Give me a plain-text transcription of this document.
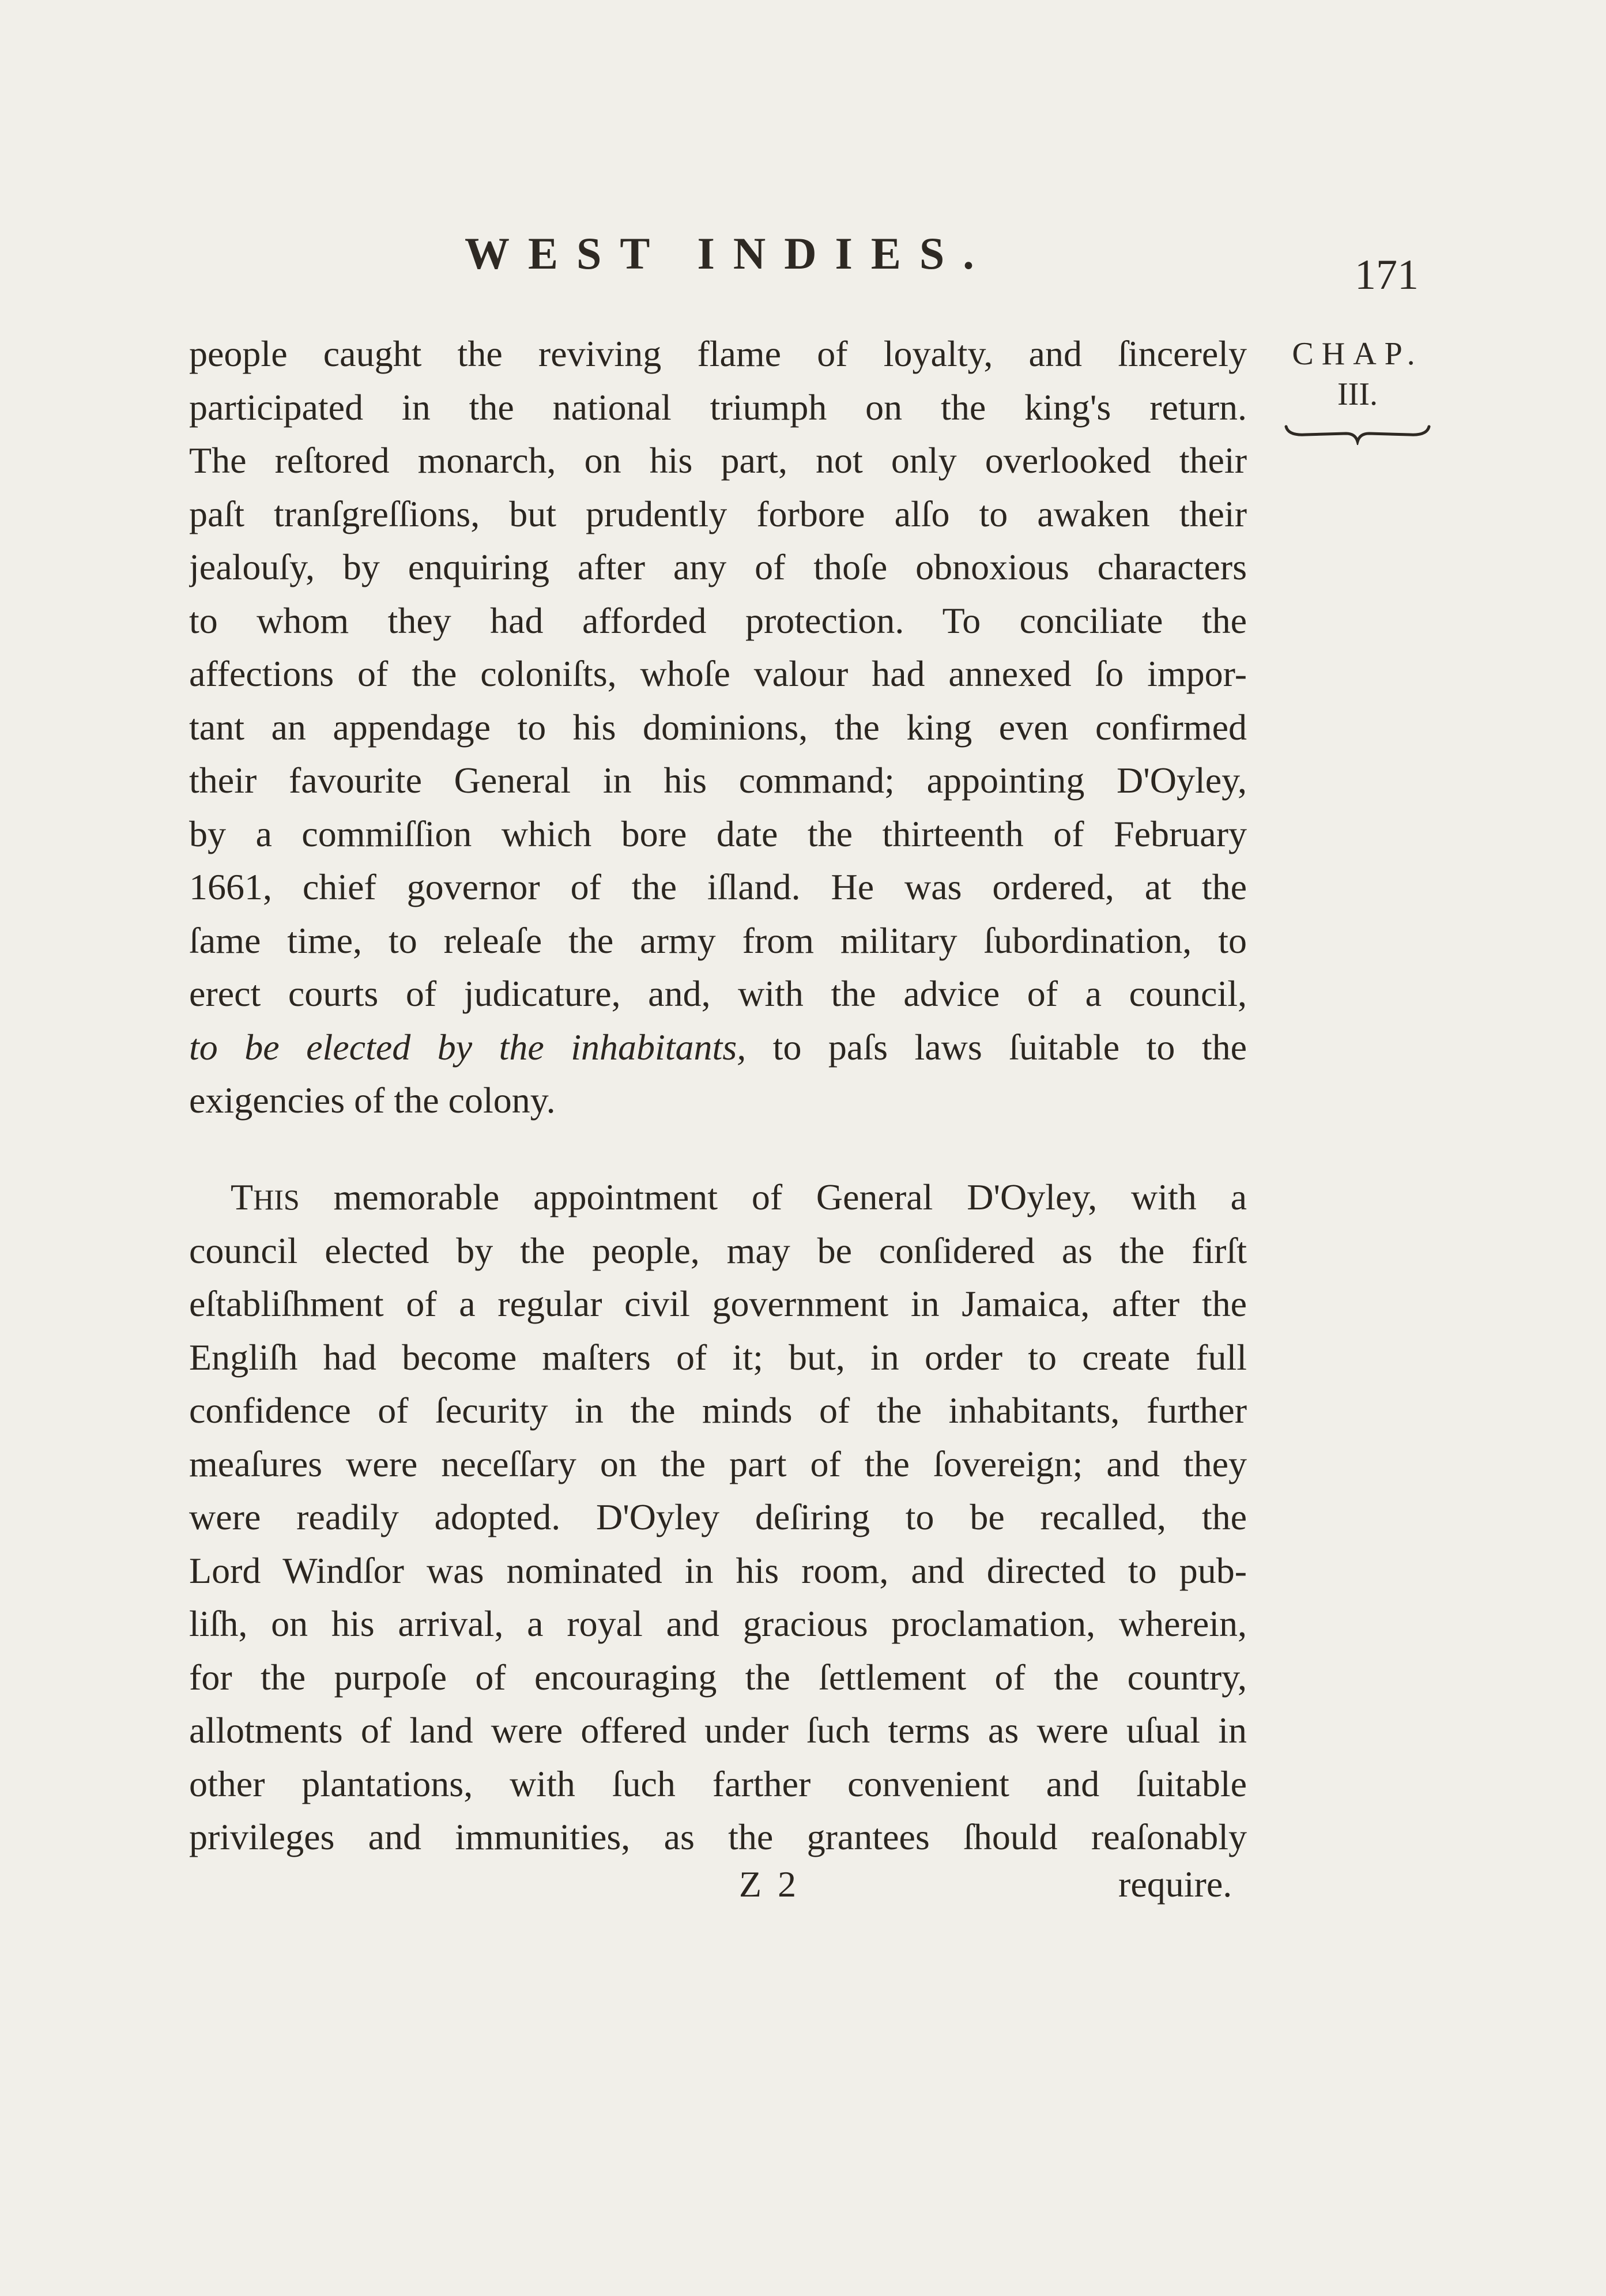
WEST INDIES.	171
CHAP.
III.
people caught the reviving flame of loyalty, and ſincerely
participated in the national triumph on the king's return.
The reſtored monarch, on his part, not only overlooked their
paſt tranſgreſſions, but prudently forbore alſo to awaken their
jealouſy, by enquiring after any of thoſe obnoxious characters
to whom they had afforded protection. To conciliate the
affections of the coloniſts, whoſe valour had annexed ſo impor-
tant an appendage to his dominions, the king even confirmed
their favourite General in his command; appointing D'Oyley,
by a commiſſion which bore date the thirteenth of February
1661, chief governor of the iſland. He was ordered, at the
ſame time, to releaſe the army from military ſubordination, to
erect courts of judicature, and, with the advice of a council,
to be elected by the inhabitants, to paſs laws ſuitable to the
exigencies of the colony.
THIS memorable appointment of General D'Oyley, with a
council elected by the people, may be conſidered as the firſt
eſtabliſhment of a regular civil government in Jamaica, after the
Engliſh had become maſters of it; but, in order to create full
confidence of ſecurity in the minds of the inhabitants, further
meaſures were neceſſary on the part of the ſovereign; and they
were readily adopted. D'Oyley deſiring to be recalled, the
Lord Windſor was nominated in his room, and directed to pub-
liſh, on his arrival, a royal and gracious proclamation, wherein,
for the purpoſe of encouraging the ſettlement of the country,
allotments of land were offered under ſuch terms as were uſual in
other plantations, with ſuch farther convenient and ſuitable
privileges and immunities, as the grantees ſhould reaſonably
Z 2	require.
